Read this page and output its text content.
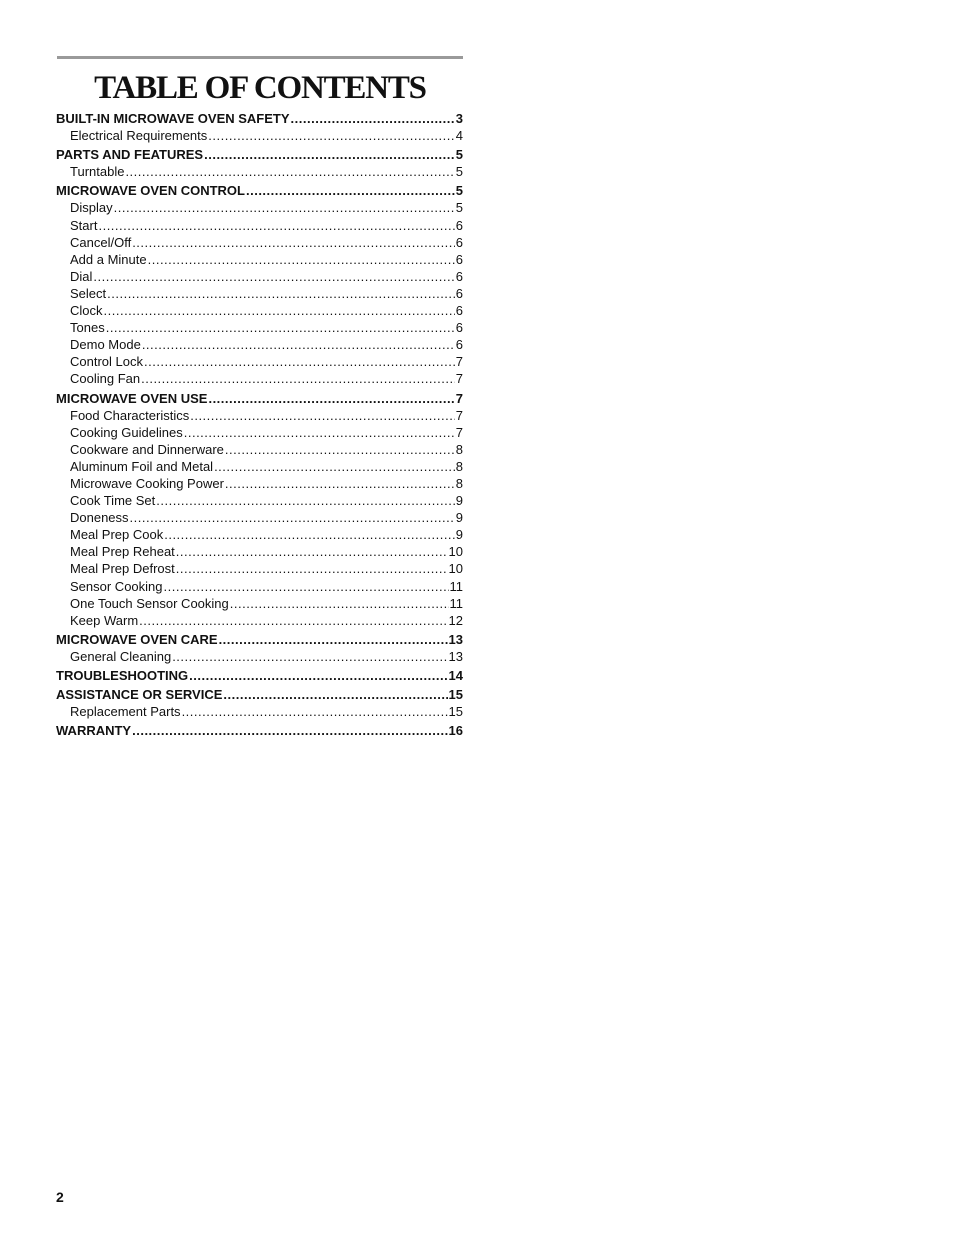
TABLE OF CONTENTS
BUILT-IN MICROWAVE OVEN SAFETY .....	3
Electrical Requirements .....	4
PARTS AND FEATURES .....	5
Turntable .....	5
MICROWAVE OVEN CONTROL .....	5
Display .....	5
Start .....	6
Cancel/Off .....	6
Add a Minute .....	6
Dial .....	6
Select .....	6
Clock .....	6
Tones .....	6
Demo Mode .....	6
Control Lock .....	7
Cooling Fan .....	7
MICROWAVE OVEN USE .....	7
Food Characteristics .....	7
Cooking Guidelines .....	7
Cookware and Dinnerware .....	8
Aluminum Foil and Metal .....	8
Microwave Cooking Power .....	8
Cook Time Set .....	9
Doneness .....	9
Meal Prep Cook .....	9
Meal Prep Reheat .....	10
Meal Prep Defrost .....	10
Sensor Cooking .....	11
One Touch Sensor Cooking .....	11
Keep Warm .....	12
MICROWAVE OVEN CARE .....	13
General Cleaning .....	13
TROUBLESHOOTING .....	14
ASSISTANCE OR SERVICE .....	15
Replacement Parts .....	15
WARRANTY .....	16
2
